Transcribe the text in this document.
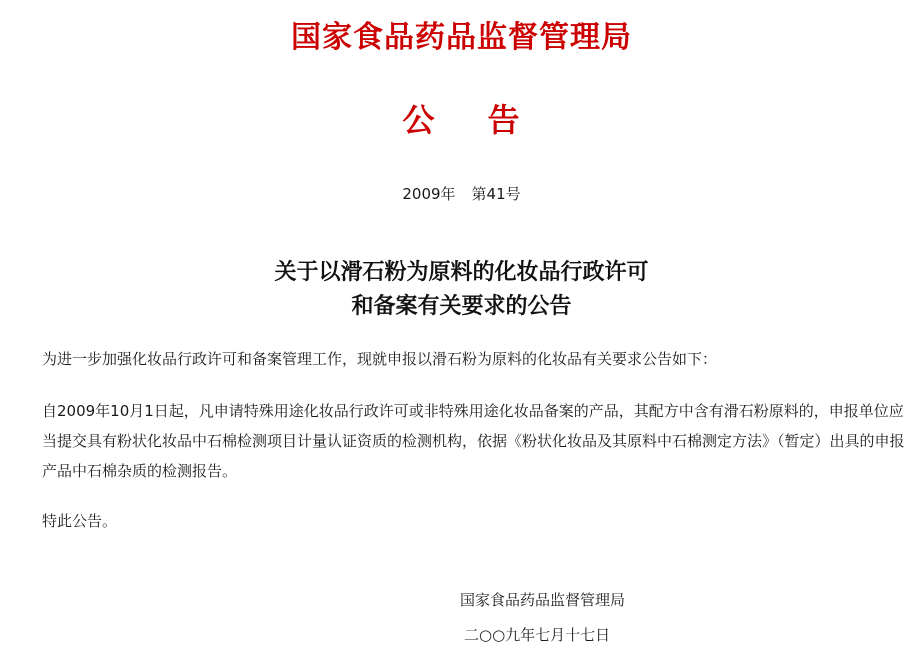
国家食品药品监督管理局
公 告
2009年 第41号
关于以滑石粉为原料的化妆品行政许可
和备案有关要求的公告
为进一步加强化妆品行政许可和备案管理工作，现就申报以滑石粉为原料的化妆品有关要求公告如下：
自2009年10月1日起，凡申请特殊用途化妆品行政许可或非特殊用途化妆品备案的产品，其配方中含有滑石粉原料的，申报单位应当提交具有粉状化妆品中石棉检测项目计量认证资质的检测机构，依据《粉状化妆品及其原料中石棉测定方法》（暂定）出具的申报产品中石棉杂质的检测报告。
特此公告。
国家食品药品监督管理局
二○○九年七月十七日
